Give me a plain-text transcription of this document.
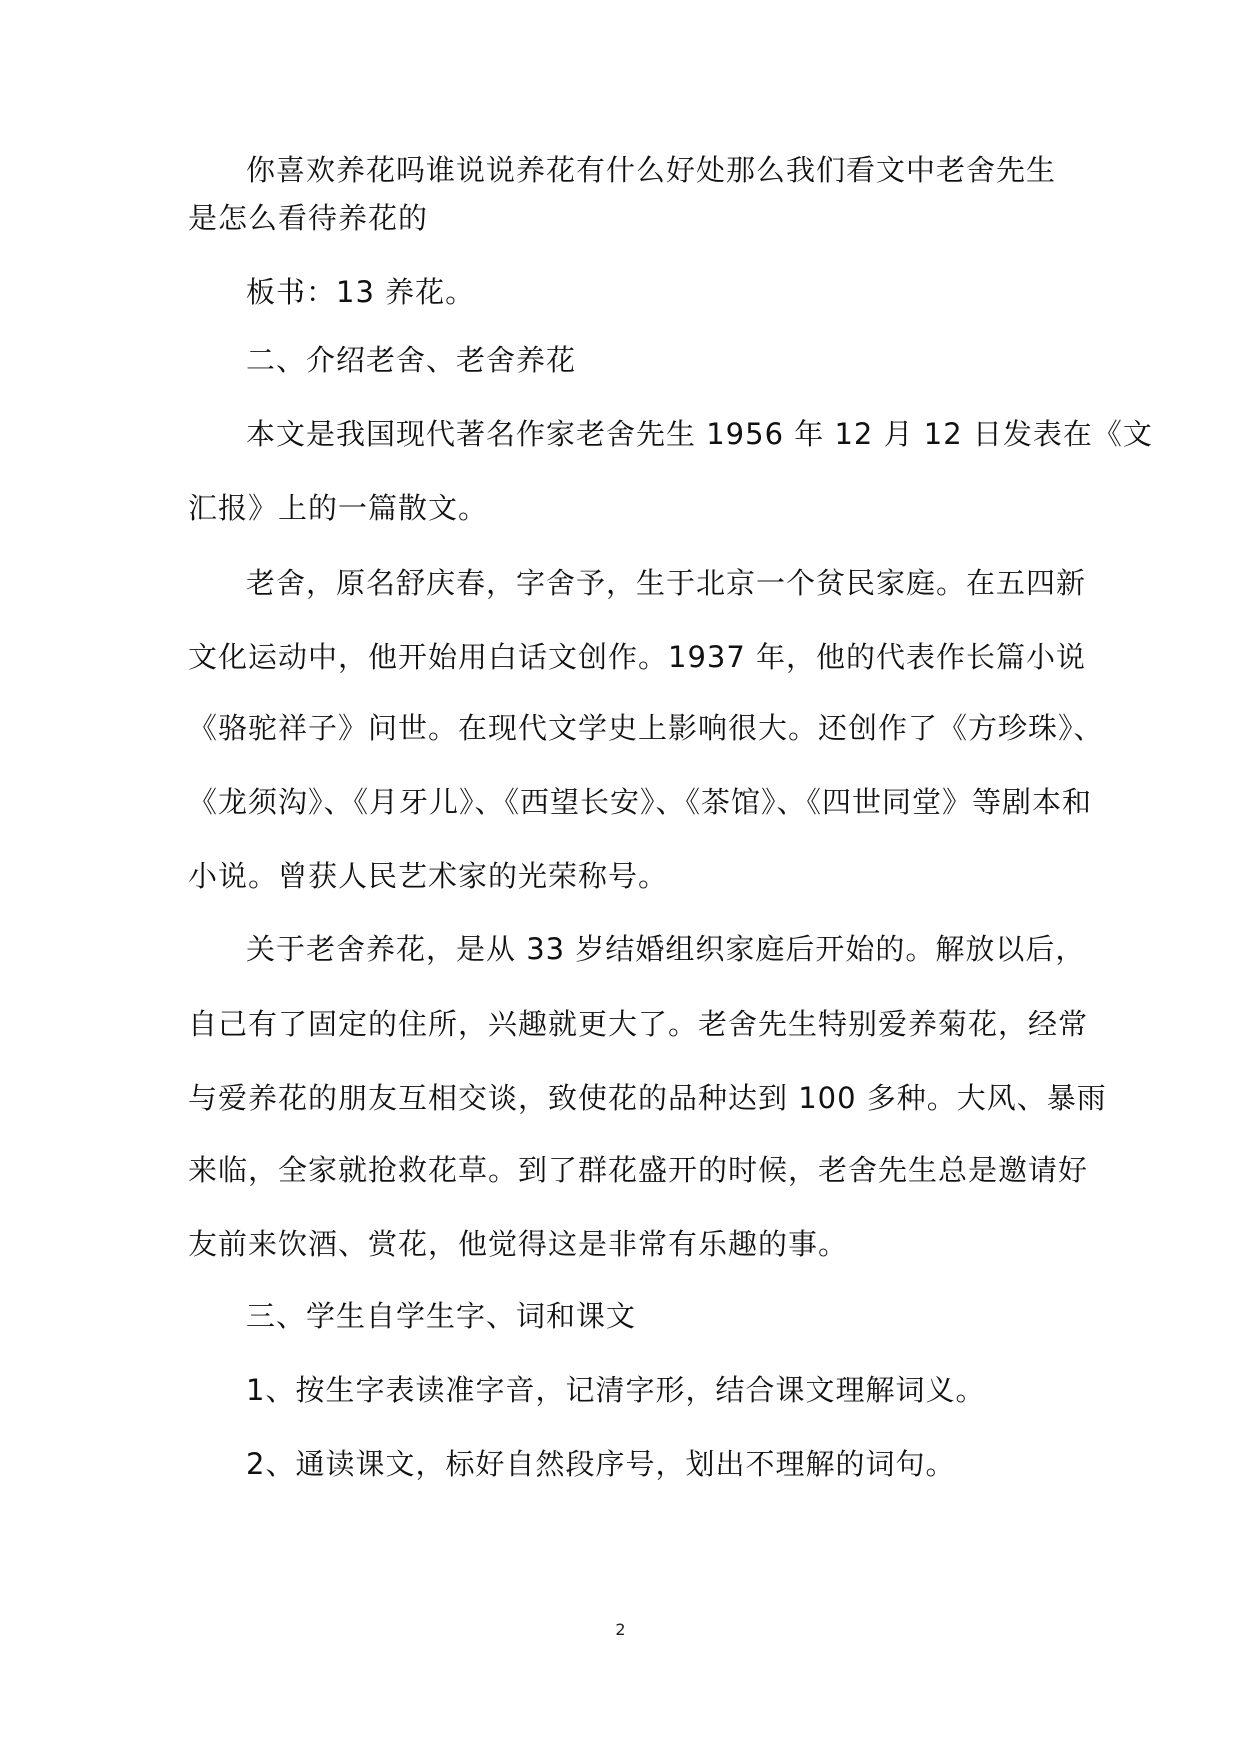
你喜欢养花吗谁说说养花有什么好处那么我们看文中老舍先生
是怎么看待养花的
板书：13 养花。
二、介绍老舍、老舍养花
本文是我国现代著名作家老舍先生 1956 年 12 月 12 日发表在《文
汇报》上的一篇散文。
老舍，原名舒庆春，字舍予，生于北京一个贫民家庭。在五四新
文化运动中，他开始用白话文创作。1937 年，他的代表作长篇小说
《骆驼祥子》问世。在现代文学史上影响很大。还创作了《方珍珠》、
《龙须沟》、《月牙儿》、《西望长安》、《茶馆》、《四世同堂》等剧本和
小说。曾获人民艺术家的光荣称号。
关于老舍养花，是从 33 岁结婚组织家庭后开始的。解放以后，
自己有了固定的住所，兴趣就更大了。老舍先生特别爱养菊花，经常
与爱养花的朋友互相交谈，致使花的品种达到 100 多种。大风、暴雨
来临，全家就抢救花草。到了群花盛开的时候，老舍先生总是邀请好
友前来饮酒、赏花，他觉得这是非常有乐趣的事。
三、学生自学生字、词和课文
1、按生字表读准字音，记清字形，结合课文理解词义。
2、通读课文，标好自然段序号，划出不理解的词句。
2
